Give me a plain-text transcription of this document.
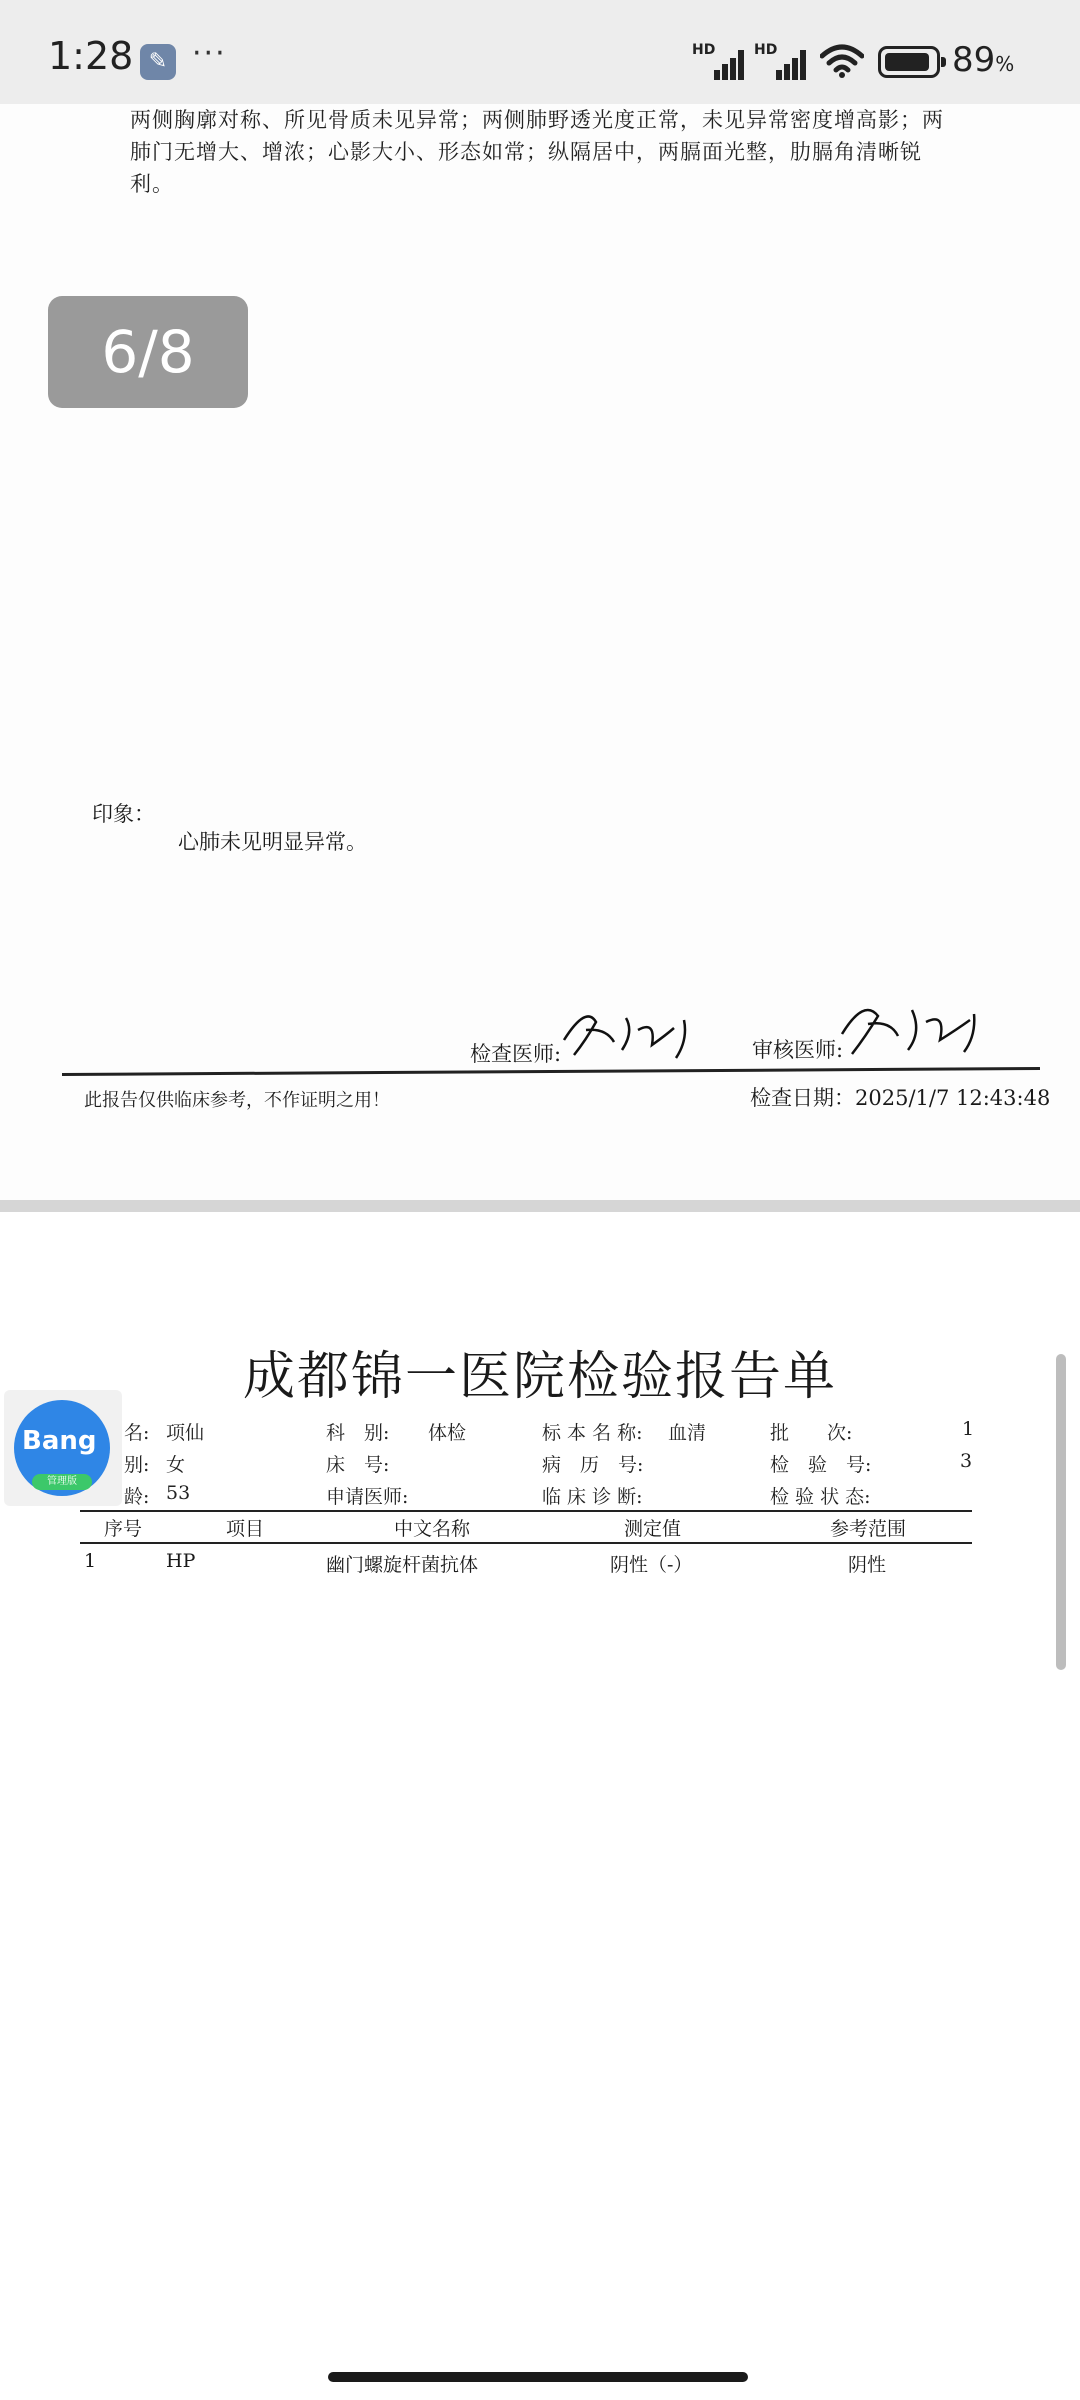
1:28 ✎ ···	HD	HD	89%
两侧胸廓对称、所见骨质未见异常；两侧肺野透光度正常，未见异常密度增高影；两肺门无增大、增浓；心影大小、形态如常；纵隔居中，两膈面光整，肋膈角清晰锐利。
6/8
印象：
心肺未见明显异常。
检查医师:	审核医师:
此报告仅供临床参考，不作证明之用！	检查日期：2025/1/7 12:43:48
成都锦一医院检验报告单
名: 项仙	科　别: 体检	标 本 名 称: 血清	批　　次:	1
别: 女	床　号:	病　历　号:	检　验　号:	3
龄: 53	申请医师:	临 床 诊 断:	检 验 状 态:
序号	项目	中文名称	测定值	参考范围
1	HP	幽门螺旋杆菌抗体	阴性（-）	阴性
Bang
管理版
